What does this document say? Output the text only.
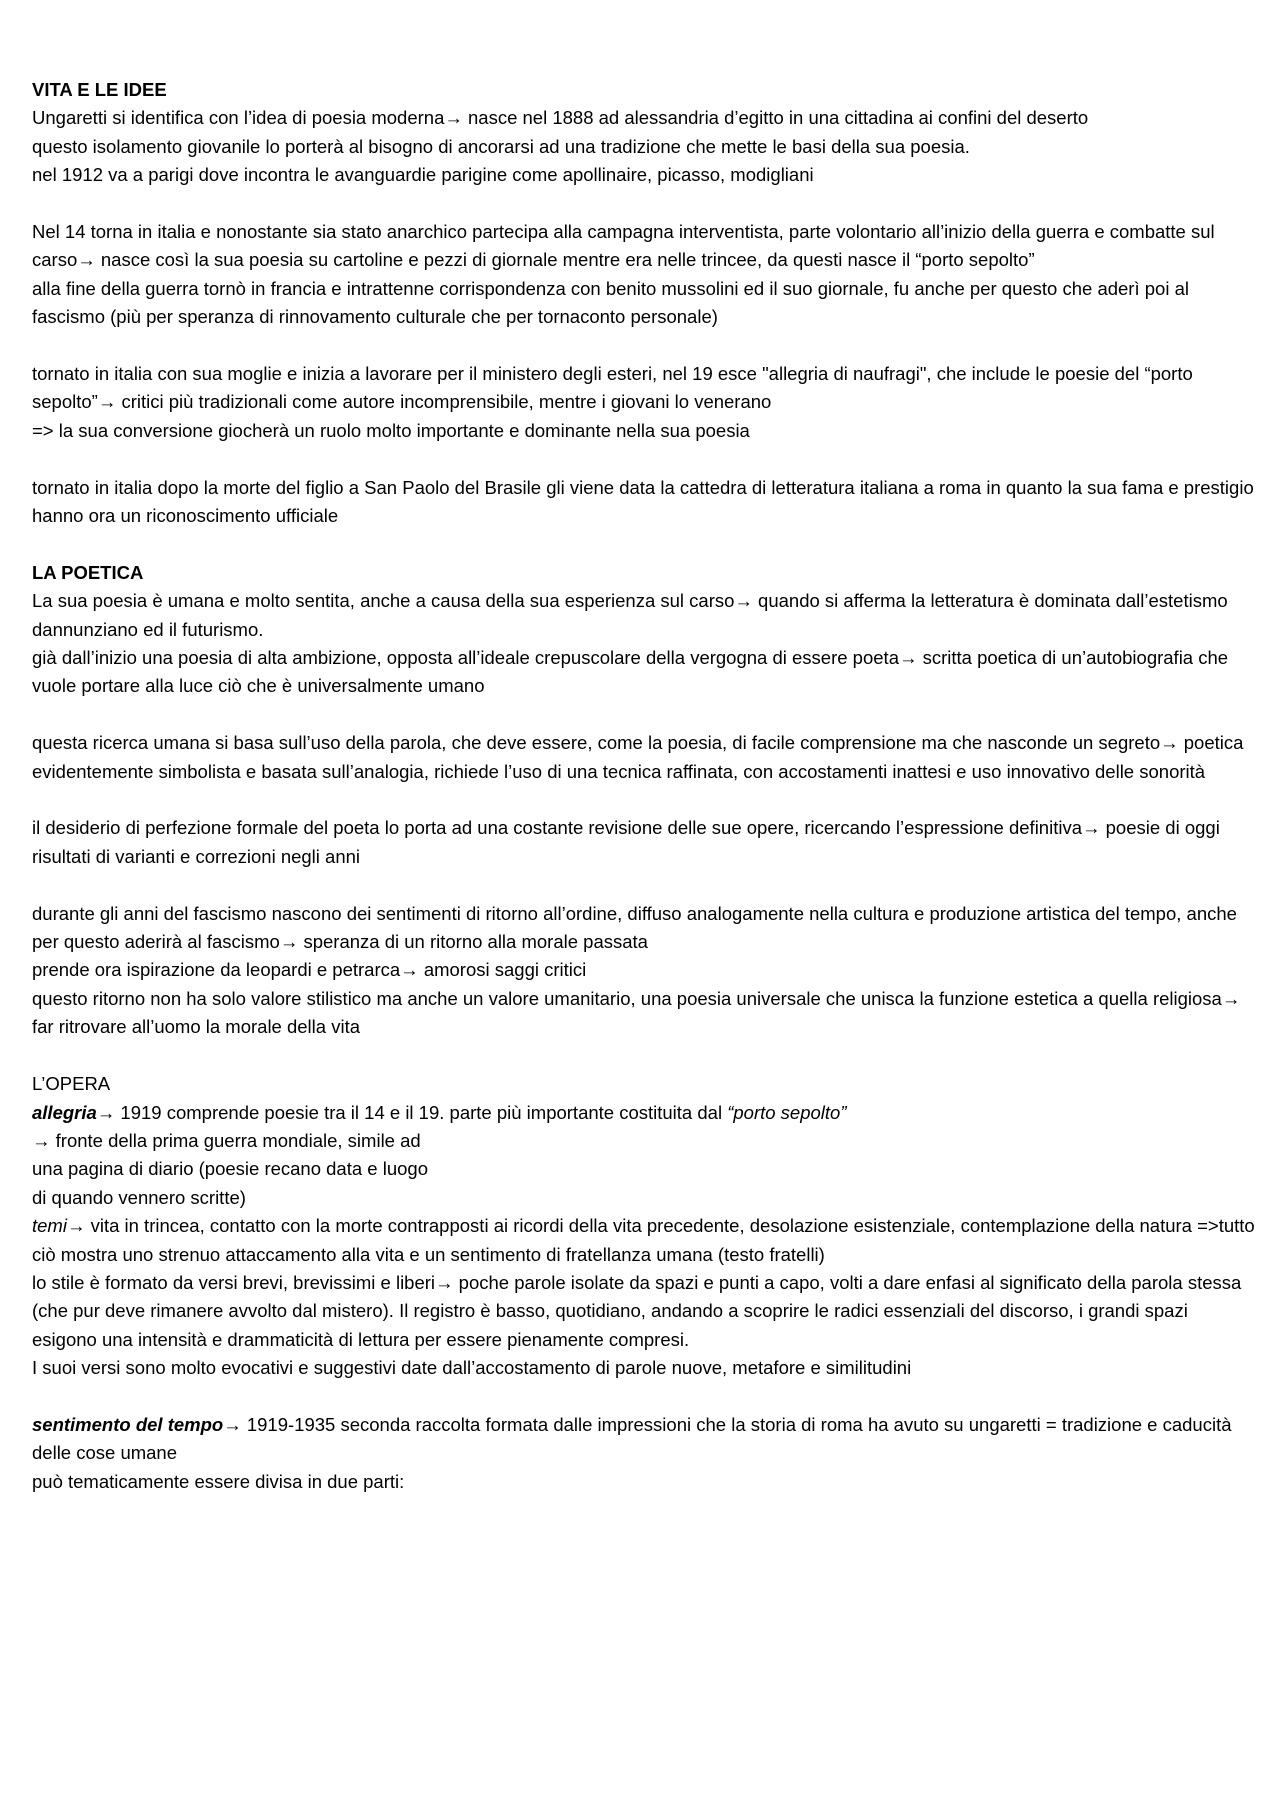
VITA E LE IDEE

Ungaretti si identifica con l’idea di poesia moderna→ nasce nel 1888 ad alessandria d’egitto in una cittadina ai confini del deserto

questo isolamento giovanile lo porterà al bisogno di ancorarsi ad una tradizione che mette le basi della sua poesia.

nel 1912 va a parigi dove incontra le avanguardie parigine come apollinaire, picasso, modigliani

Nel 14 torna in italia e nonostante sia stato anarchico partecipa alla campagna interventista, parte volontario all’inizio della guerra e combatte sul carso→ nasce così la sua poesia su cartoline e pezzi di giornale mentre era nelle trincee, da questi nasce il “porto sepolto”

alla fine della guerra tornò in francia e intrattenne corrispondenza con benito mussolini ed il suo giornale, fu anche per questo che aderì poi al fascismo (più per speranza di rinnovamento culturale che per tornaconto personale)

tornato in italia con sua moglie e inizia a lavorare per il ministero degli esteri, nel 19 esce "allegria di naufragi", che include le poesie del “porto sepolto”→ critici più tradizionali come autore incomprensibile, mentre i giovani lo venerano

=> la sua conversione giocherà un ruolo molto importante e dominante nella sua poesia

tornato in italia dopo la morte del figlio a San Paolo del Brasile gli viene data la cattedra di letteratura italiana a roma in quanto la sua fama e prestigio hanno ora un riconoscimento ufficiale

LA POETICA

La sua poesia è umana e molto sentita, anche a causa della sua esperienza sul carso→ quando si afferma la letteratura è dominata dall’estetismo dannunziano ed il futurismo.

già dall’inizio una poesia di alta ambizione, opposta all’ideale crepuscolare della vergogna di essere poeta→ scritta poetica di un’autobiografia che vuole portare alla luce ciò che è universalmente umano

questa ricerca umana si basa sull’uso della parola, che deve essere, come la poesia, di facile comprensione ma che nasconde un segreto→ poetica evidentemente simbolista e basata sull’analogia, richiede l’uso di una tecnica raffinata, con accostamenti inattesi e uso innovativo delle sonorità

il desiderio di perfezione formale del poeta lo porta ad una costante revisione delle sue opere, ricercando l’espressione definitiva→ poesie di oggi risultati di varianti e correzioni negli anni

durante gli anni del fascismo nascono dei sentimenti di ritorno all’ordine, diffuso analogamente nella cultura e produzione artistica del tempo, anche per questo aderirà al fascismo→ speranza di un ritorno alla morale passata

prende ora ispirazione da leopardi e petrarca→ amorosi saggi critici

questo ritorno non ha solo valore stilistico ma anche un valore umanitario, una poesia universale che unisca la funzione estetica a quella religiosa→ far ritrovare all’uomo la morale della vita

L’OPERA

allegria→ 1919 comprende poesie tra il 14 e il 19. parte più importante costituita dal “porto sepolto”

→ fronte della prima guerra mondiale, simile ad una pagina di diario (poesie recano data e luogo di quando vennero scritte)

temi→ vita in trincea, contatto con la morte contrapposti ai ricordi della vita precedente, desolazione esistenziale, contemplazione della natura =>tutto ciò mostra uno strenuo attaccamento alla vita e un sentimento di fratellanza umana (testo fratelli)

lo stile è formato da versi brevi, brevissimi e liberi→ poche parole isolate da spazi e punti a capo, volti a dare enfasi al significato della parola stessa (che pur deve rimanere avvolto dal mistero). Il registro è basso, quotidiano, andando a scoprire le radici essenziali del discorso, i grandi spazi esigono una intensità e drammaticità di lettura per essere pienamente compresi.

I suoi versi sono molto evocativi e suggestivi date dall’accostamento di parole nuove, metafore e similitudini

sentimento del tempo→ 1919-1935 seconda raccolta formata dalle impressioni che la storia di roma ha avuto su ungaretti = tradizione e caducità delle cose umane

può tematicamente essere divisa in due parti:
